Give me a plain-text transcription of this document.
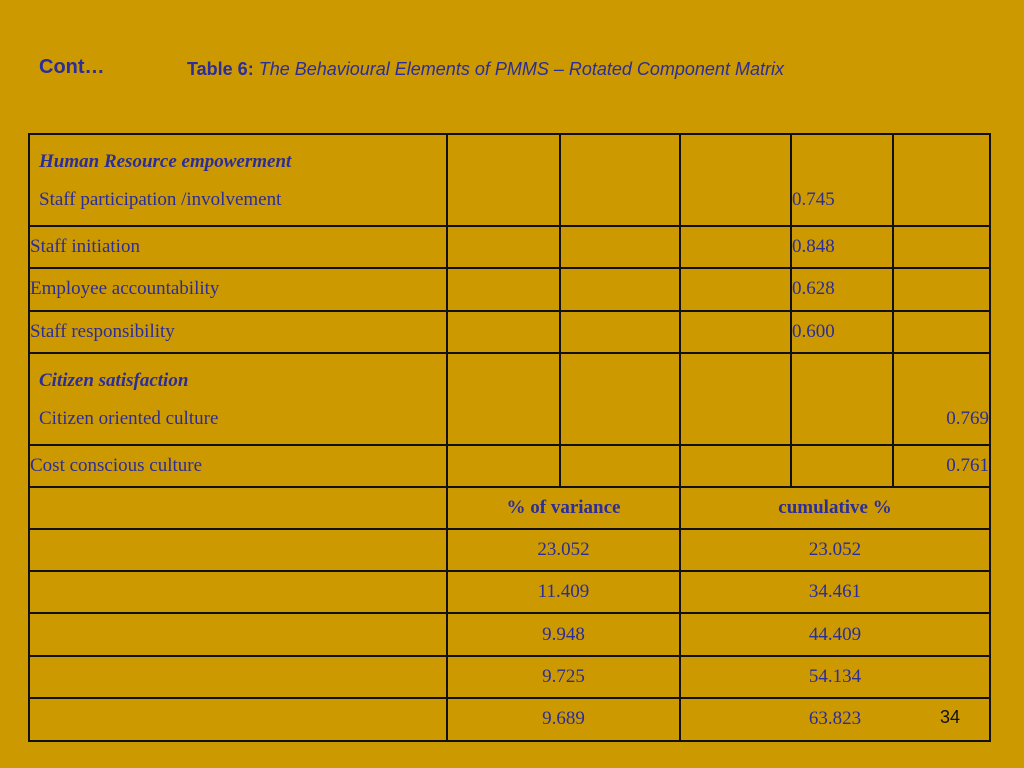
Cont…	Table 6: The Behavioural Elements of PMMS – Rotated Component Matrix
Human Resource empowerment
Staff participation /involvement				0.745	

Staff initiation				0.848	
Employee accountability				0.628	
Staff responsibility				0.600	

Citizen satisfaction
Citizen oriented culture					0.769

Cost conscious culture					0.761
	% of variance		cumulative %		
	23.052		23.052		
	11.409		34.461		
	9.948		44.409		
	9.725		54.134		
	9.689		63.823			34
